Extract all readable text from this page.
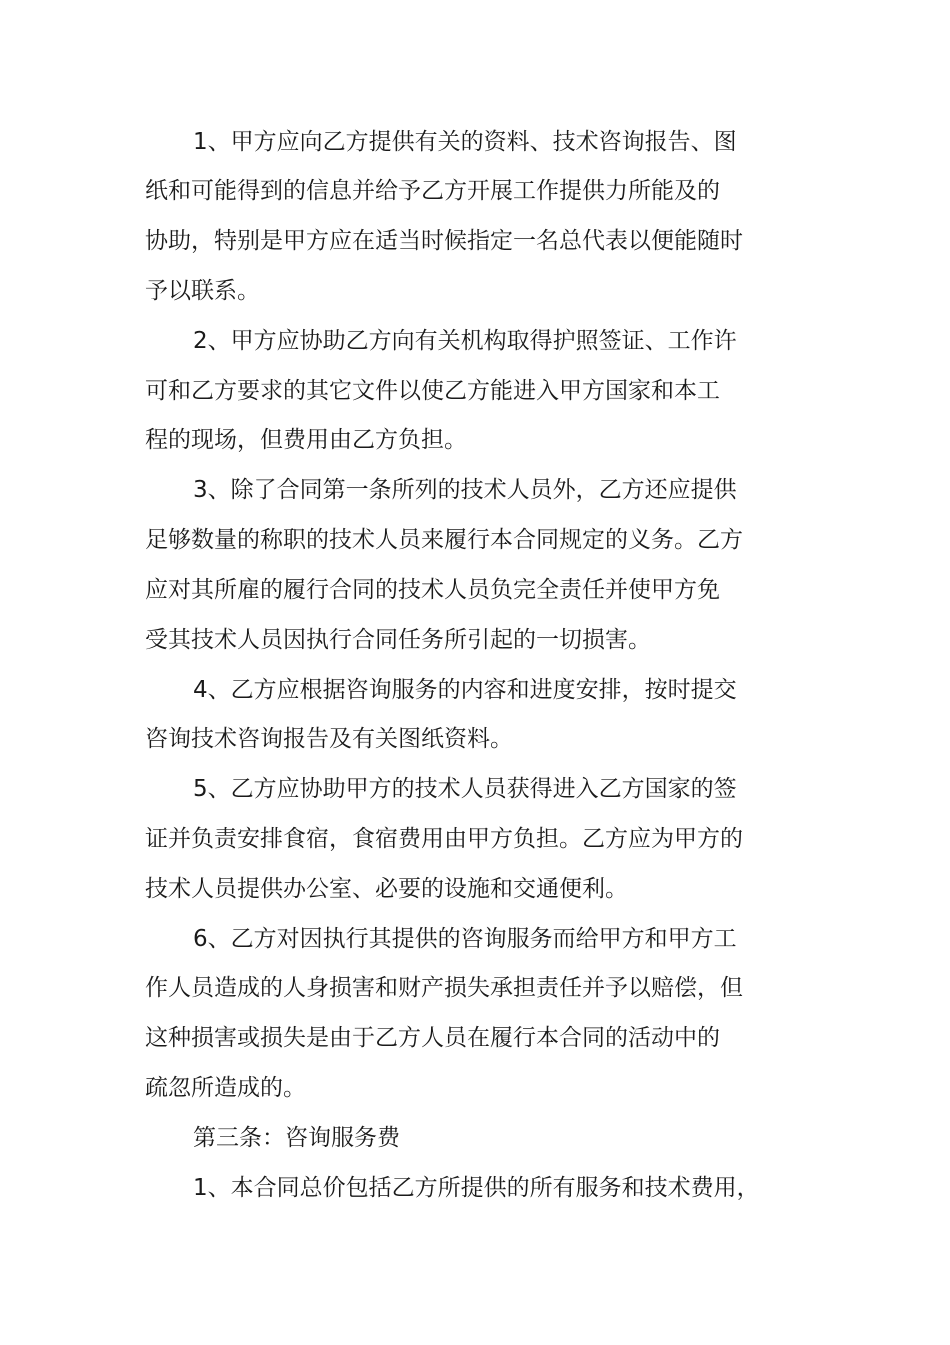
1、甲方应向乙方提供有关的资料、技术咨询报告、图
纸和可能得到的信息并给予乙方开展工作提供力所能及的
协助，特别是甲方应在适当时候指定一名总代表以便能随时
予以联系。
2、甲方应协助乙方向有关机构取得护照签证、工作许
可和乙方要求的其它文件以使乙方能进入甲方国家和本工
程的现场，但费用由乙方负担。
3、除了合同第一条所列的技术人员外，乙方还应提供
足够数量的称职的技术人员来履行本合同规定的义务。乙方
应对其所雇的履行合同的技术人员负完全责任并使甲方免
受其技术人员因执行合同任务所引起的一切损害。
4、乙方应根据咨询服务的内容和进度安排，按时提交
咨询技术咨询报告及有关图纸资料。
5、乙方应协助甲方的技术人员获得进入乙方国家的签
证并负责安排食宿，食宿费用由甲方负担。乙方应为甲方的
技术人员提供办公室、必要的设施和交通便利。
6、乙方对因执行其提供的咨询服务而给甲方和甲方工
作人员造成的人身损害和财产损失承担责任并予以赔偿，但
这种损害或损失是由于乙方人员在履行本合同的活动中的
疏忽所造成的。
第三条：咨询服务费
1、本合同总价包括乙方所提供的所有服务和技术费用，
